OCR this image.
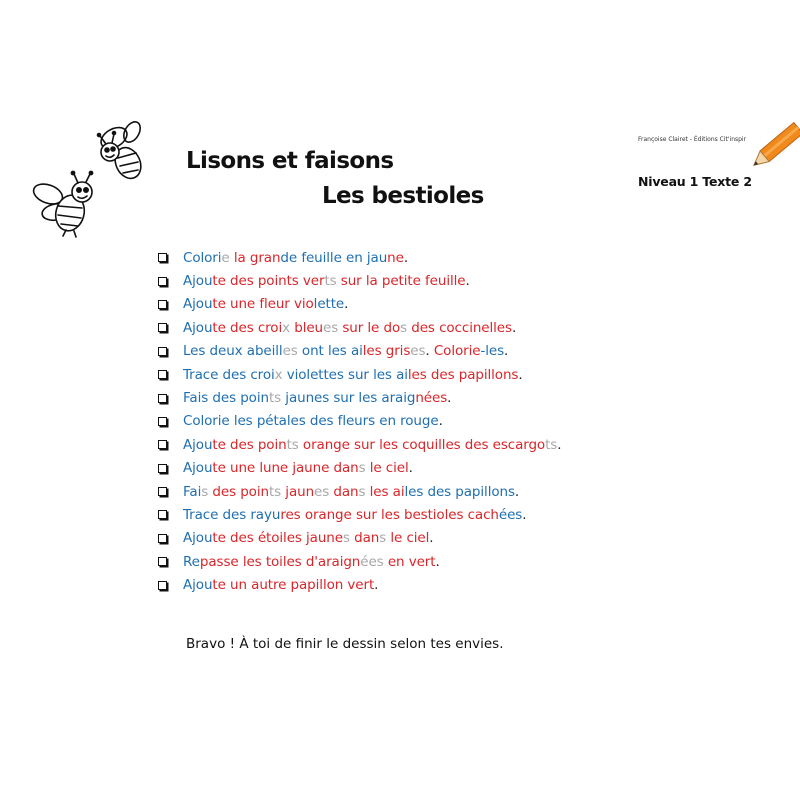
Lisons et faisons
Les bestioles
Françoise Clairet - Éditions Cit'inspir
Niveau 1 Texte 2
Colorie la grande feuille en jaune.
Ajoute des points verts sur la petite feuille.
Ajoute une fleur violette.
Ajoute des croix bleues sur le dos des coccinelles.
Les deux abeilles ont les ailes grises. Colorie-les.
Trace des croix violettes sur les ailes des papillons.
Fais des points jaunes sur les araignées.
Colorie les pétales des fleurs en rouge.
Ajoute des points orange sur les coquilles des escargots.
Ajoute une lune jaune dans le ciel.
Fais des points jaunes dans les ailes des papillons.
Trace des rayures orange sur les bestioles cachées.
Ajoute des étoiles jaunes dans le ciel.
Repasse les toiles d'araignées en vert.
Ajoute un autre papillon vert.
Bravo ! À toi de finir le dessin selon tes envies.
